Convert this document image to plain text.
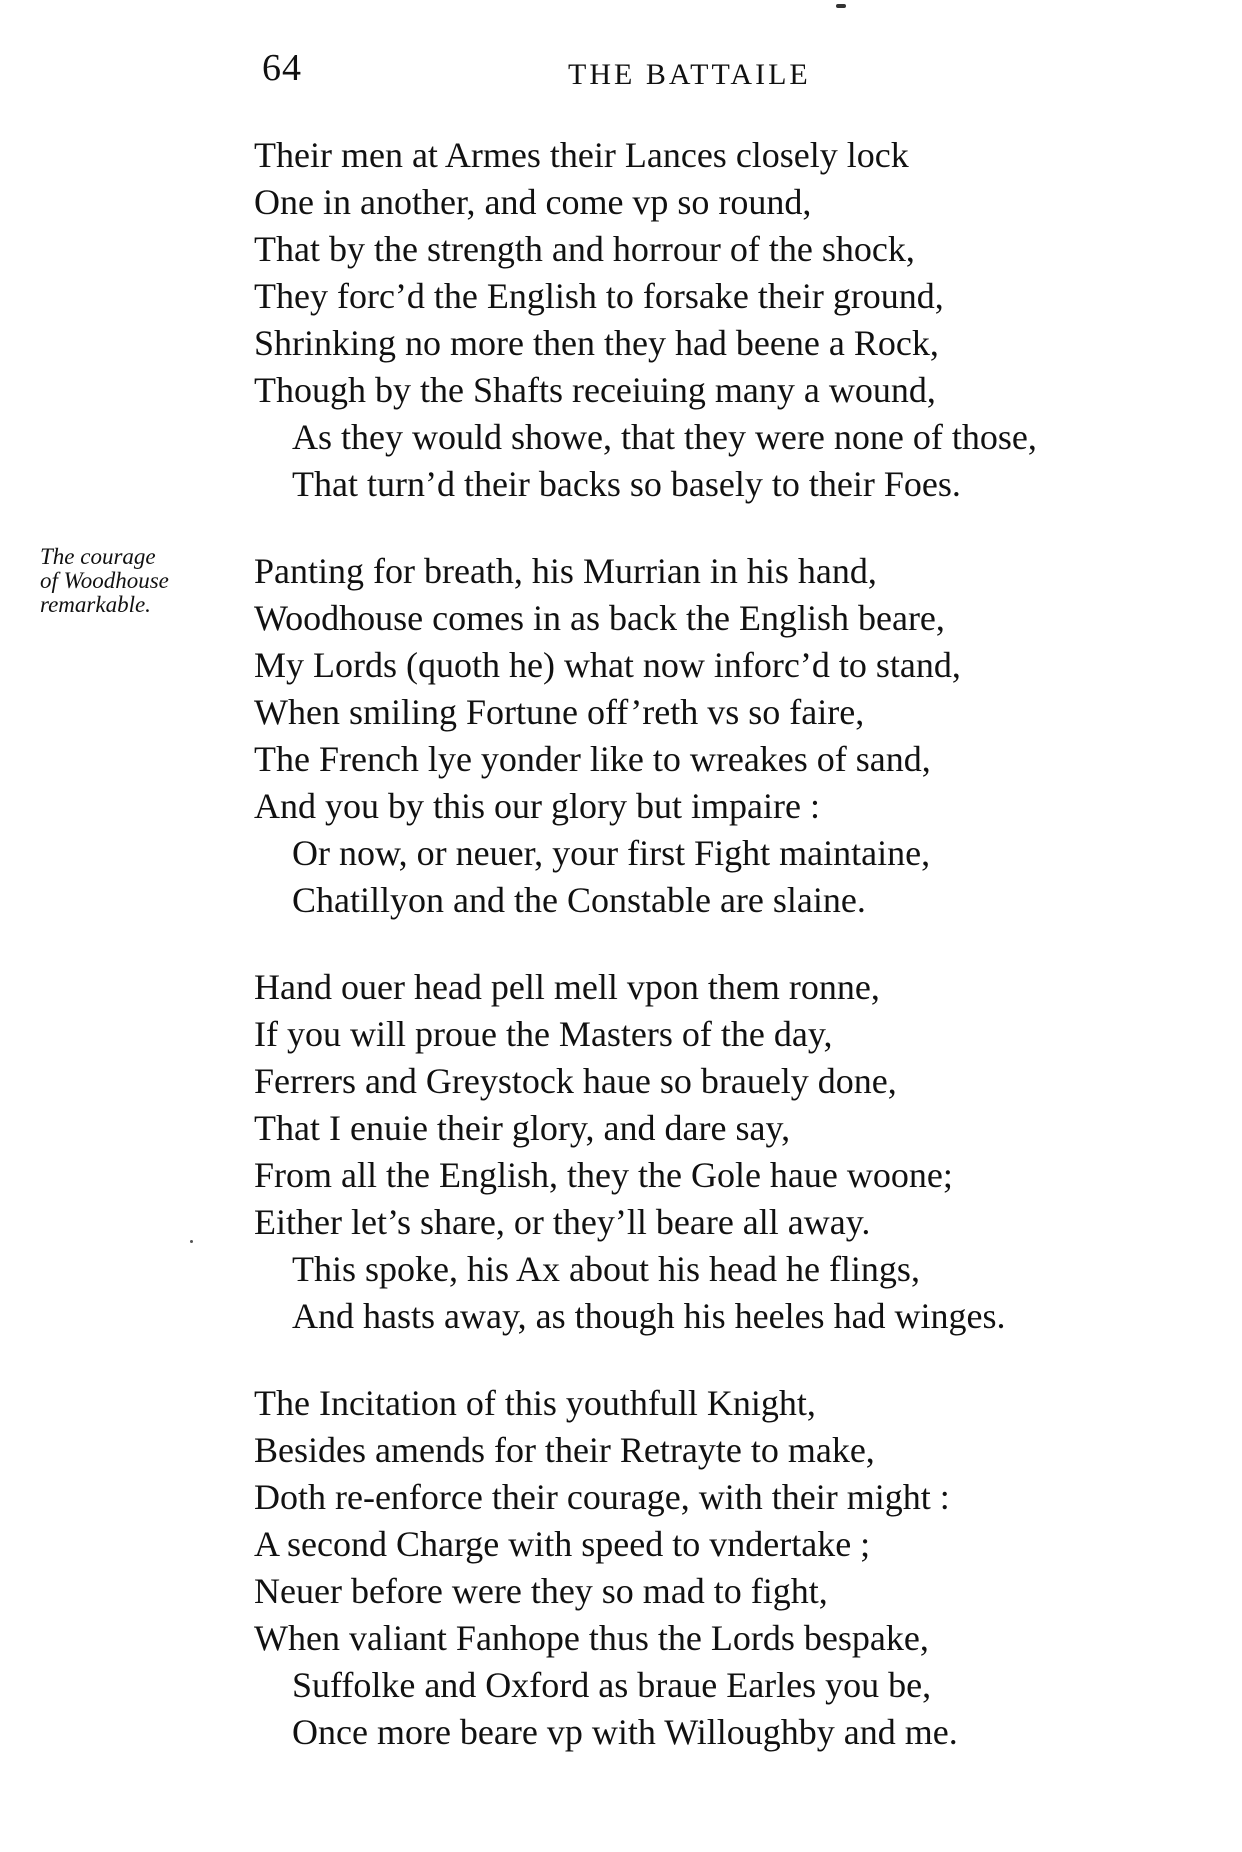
64	THE BATTAILE
The courage
of Woodhouse
remarkable.
Their men at Armes their Lances closely lock
One in another, and come vp so round,
That by the strength and horrour of the shock,
They forc’d the English to forsake their ground,
Shrinking no more then they had beene a Rock,
Though by the Shafts receiuing many a wound,
As they would showe, that they were none of those,
That turn’d their backs so basely to their Foes.
Panting for breath, his Murrian in his hand,
Woodhouse comes in as back the English beare,
My Lords (quoth he) what now inforc’d to stand,
When smiling Fortune off’reth vs so faire,
The French lye yonder like to wreakes of sand,
And you by this our glory but impaire :
Or now, or neuer, your first Fight maintaine,
Chatillyon and the Constable are slaine.
Hand ouer head pell mell vpon them ronne,
If you will proue the Masters of the day,
Ferrers and Greystock haue so brauely done,
That I enuie their glory, and dare say,
From all the English, they the Gole haue woone;
Either let’s share, or they’ll beare all away.
This spoke, his Ax about his head he flings,
And hasts away, as though his heeles had winges.
The Incitation of this youthfull Knight,
Besides amends for their Retrayte to make,
Doth re-enforce their courage, with their might :
A second Charge with speed to vndertake ;
Neuer before were they so mad to fight,
When valiant Fanhope thus the Lords bespake,
Suffolke and Oxford as braue Earles you be,
Once more beare vp with Willoughby and me.
